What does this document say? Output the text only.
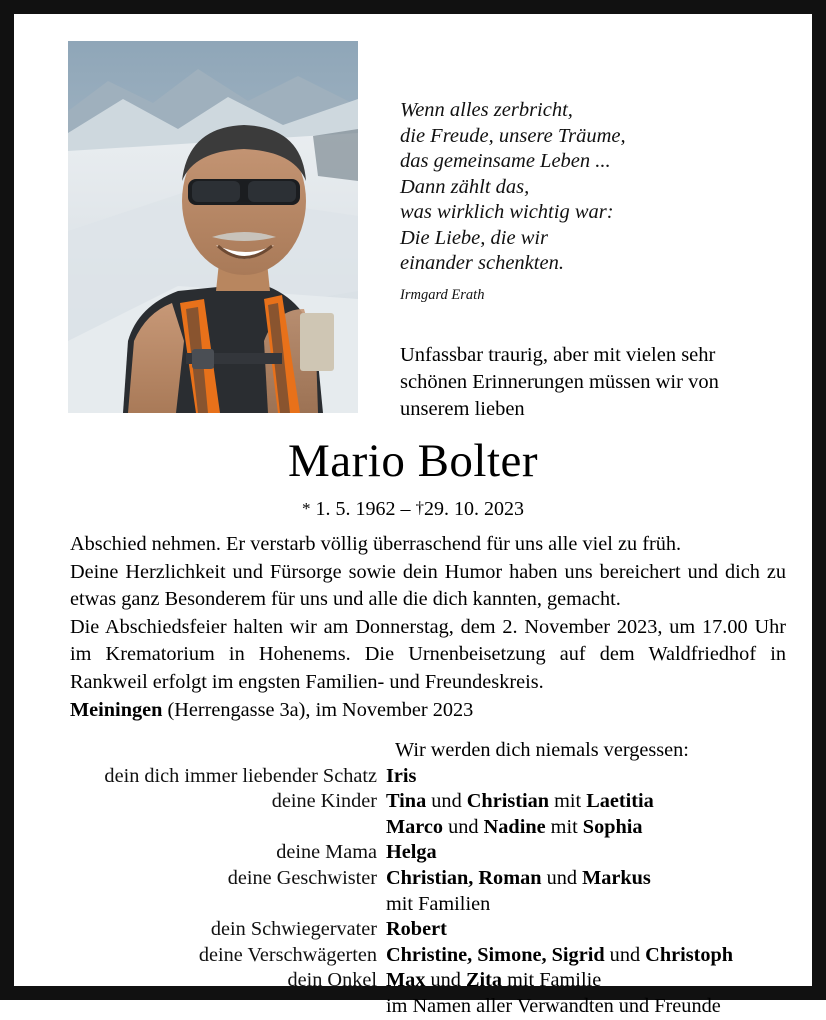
Wenn alles zerbricht,
die Freude, unsere Träume,
das gemeinsame Leben ...
Dann zählt das,
was wirklich wichtig war:
Die Liebe, die wir
einander schenkten.
Irmgard Erath
Unfassbar traurig, aber mit vielen sehr schönen Erinnerungen müssen wir von unserem lieben
Mario Bolter
* 1. 5. 1962 – †29. 10. 2023

Abschied nehmen. Er verstarb völlig überraschend für uns alle viel zu früh.

Deine Herzlichkeit und Fürsorge sowie dein Humor haben uns bereichert und dich zu etwas ganz Besonderem für uns und alle die dich kannten, gemacht.

Die Abschiedsfeier halten wir am Donnerstag, dem 2. November 2023, um 17.00 Uhr im Krematorium in Hohenems. Die Urnenbeisetzung auf dem Waldfriedhof in Rankweil erfolgt im engsten Familien- und Freundeskreis.

Meiningen (Herrengasse 3a), im November 2023
Wir werden dich niemals vergessen:
dein dich immer liebender Schatz Iris
deine Kinder Tina und Christian mit Laetitia
Marco und Nadine mit Sophia
deine Mama Helga
deine Geschwister Christian, Roman und Markus
mit Familien
dein Schwiegervater Robert
deine Verschwägerten Christine, Simone, Sigrid und Christoph
dein Onkel Max und Zita mit Familie
im Namen aller Verwandten und Freunde
